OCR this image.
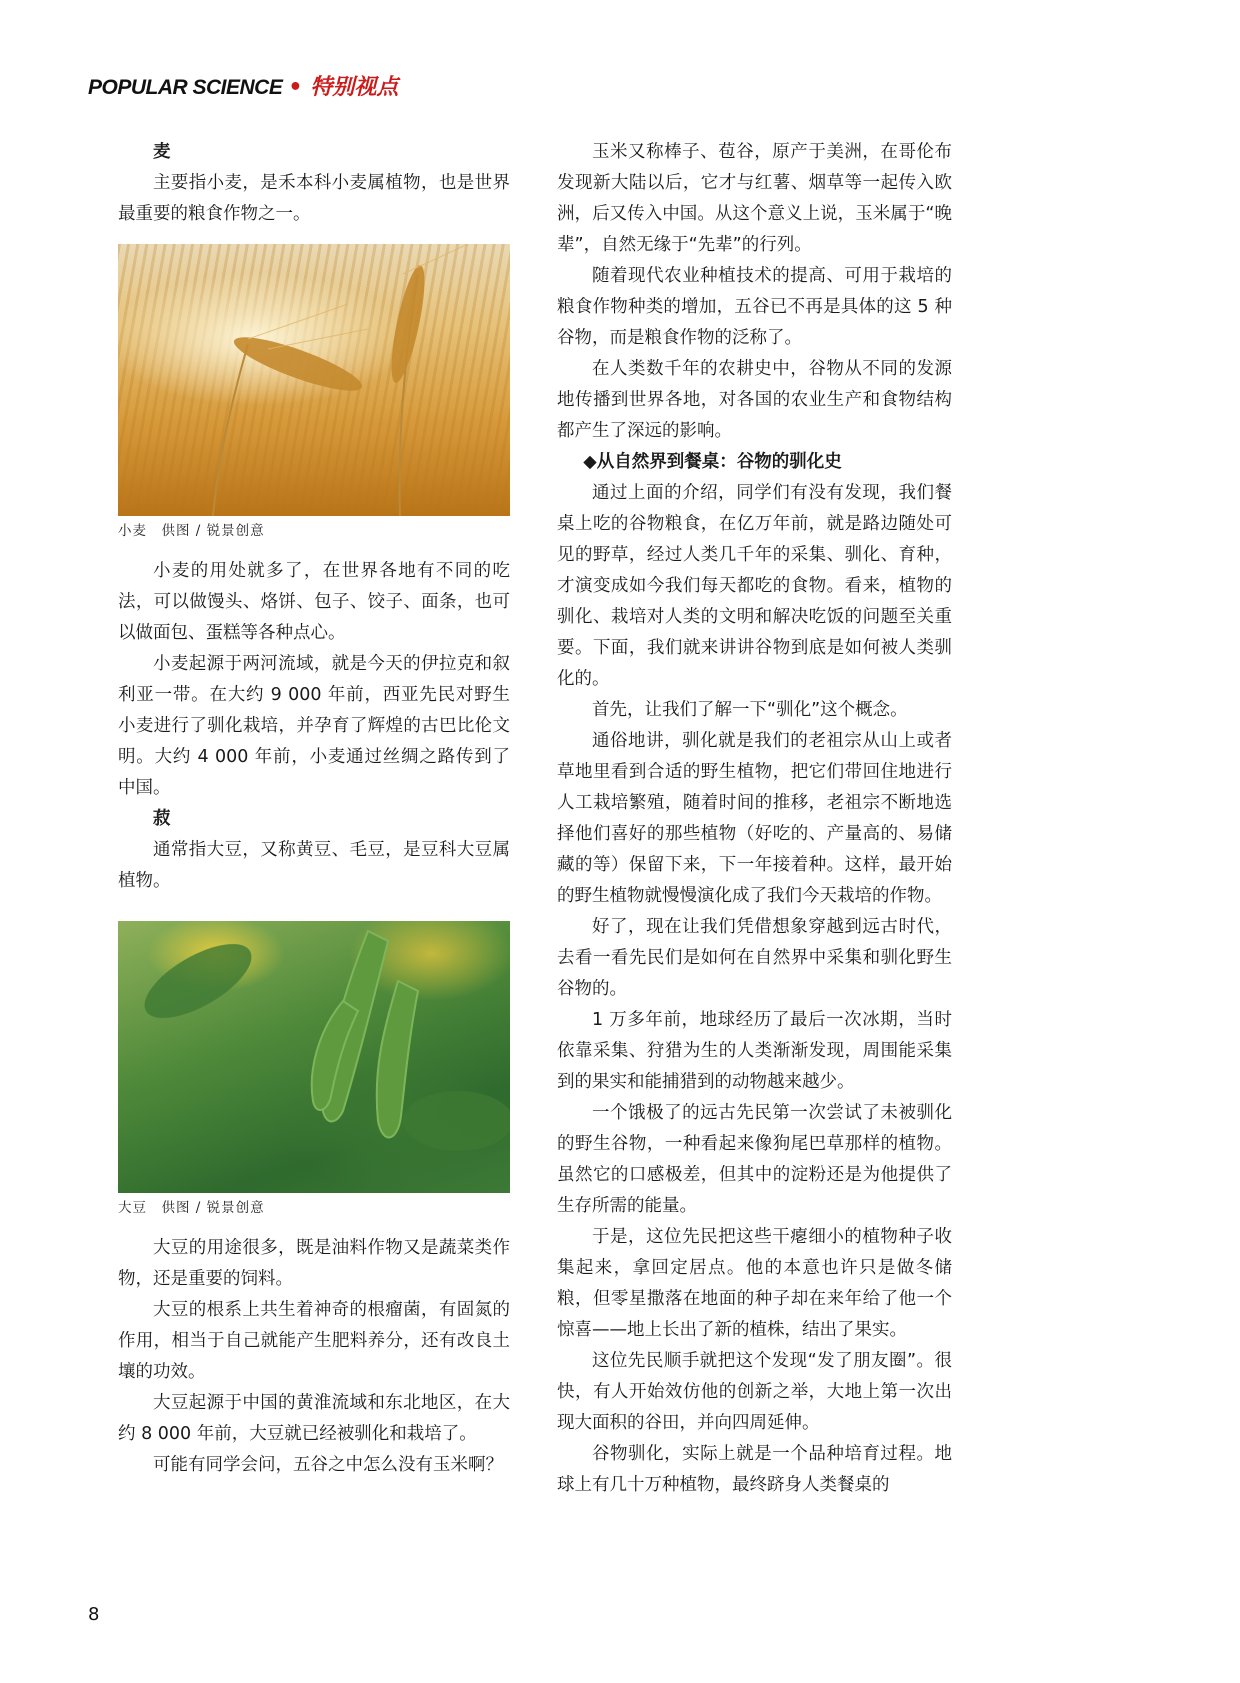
POPULAR SCIENCE • 特别视点
麦

主要指小麦，是禾本科小麦属植物，也是世界最重要的粮食作物之一。

小麦　供图 / 锐景创意

小麦的用处就多了，在世界各地有不同的吃法，可以做馒头、烙饼、包子、饺子、面条，也可以做面包、蛋糕等各种点心。

小麦起源于两河流域，就是今天的伊拉克和叙利亚一带。在大约 9 000 年前，西亚先民对野生小麦进行了驯化栽培，并孕育了辉煌的古巴比伦文明。大约 4 000 年前，小麦通过丝绸之路传到了中国。

菽

通常指大豆，又称黄豆、毛豆，是豆科大豆属植物。

大豆　供图 / 锐景创意

大豆的用途很多，既是油料作物又是蔬菜类作物，还是重要的饲料。

大豆的根系上共生着神奇的根瘤菌，有固氮的作用，相当于自己就能产生肥料养分，还有改良土壤的功效。

大豆起源于中国的黄淮流域和东北地区，在大约 8 000 年前，大豆就已经被驯化和栽培了。

可能有同学会问，五谷之中怎么没有玉米啊？

玉米又称棒子、苞谷，原产于美洲，在哥伦布发现新大陆以后，它才与红薯、烟草等一起传入欧洲，后又传入中国。从这个意义上说，玉米属于“晚辈”，自然无缘于“先辈”的行列。

随着现代农业种植技术的提高、可用于栽培的粮食作物种类的增加，五谷已不再是具体的这 5 种谷物，而是粮食作物的泛称了。

在人类数千年的农耕史中，谷物从不同的发源地传播到世界各地，对各国的农业生产和食物结构都产生了深远的影响。

◆从自然界到餐桌：谷物的驯化史

通过上面的介绍，同学们有没有发现，我们餐桌上吃的谷物粮食，在亿万年前，就是路边随处可见的野草，经过人类几千年的采集、驯化、育种，才演变成如今我们每天都吃的食物。看来，植物的驯化、栽培对人类的文明和解决吃饭的问题至关重要。下面，我们就来讲讲谷物到底是如何被人类驯化的。

首先，让我们了解一下“驯化”这个概念。

通俗地讲，驯化就是我们的老祖宗从山上或者草地里看到合适的野生植物，把它们带回住地进行人工栽培繁殖，随着时间的推移，老祖宗不断地选择他们喜好的那些植物（好吃的、产量高的、易储藏的等）保留下来，下一年接着种。这样，最开始的野生植物就慢慢演化成了我们今天栽培的作物。

好了，现在让我们凭借想象穿越到远古时代，去看一看先民们是如何在自然界中采集和驯化野生谷物的。

1 万多年前，地球经历了最后一次冰期，当时依靠采集、狩猎为生的人类渐渐发现，周围能采集到的果实和能捕猎到的动物越来越少。

一个饿极了的远古先民第一次尝试了未被驯化的野生谷物，一种看起来像狗尾巴草那样的植物。虽然它的口感极差，但其中的淀粉还是为他提供了生存所需的能量。

于是，这位先民把这些干瘪细小的植物种子收集起来，拿回定居点。他的本意也许只是做冬储粮，但零星撒落在地面的种子却在来年给了他一个惊喜——地上长出了新的植株，结出了果实。

这位先民顺手就把这个发现“发了朋友圈”。很快，有人开始效仿他的创新之举，大地上第一次出现大面积的谷田，并向四周延伸。

谷物驯化，实际上就是一个品种培育过程。地球上有几十万种植物，最终跻身人类餐桌的

8
